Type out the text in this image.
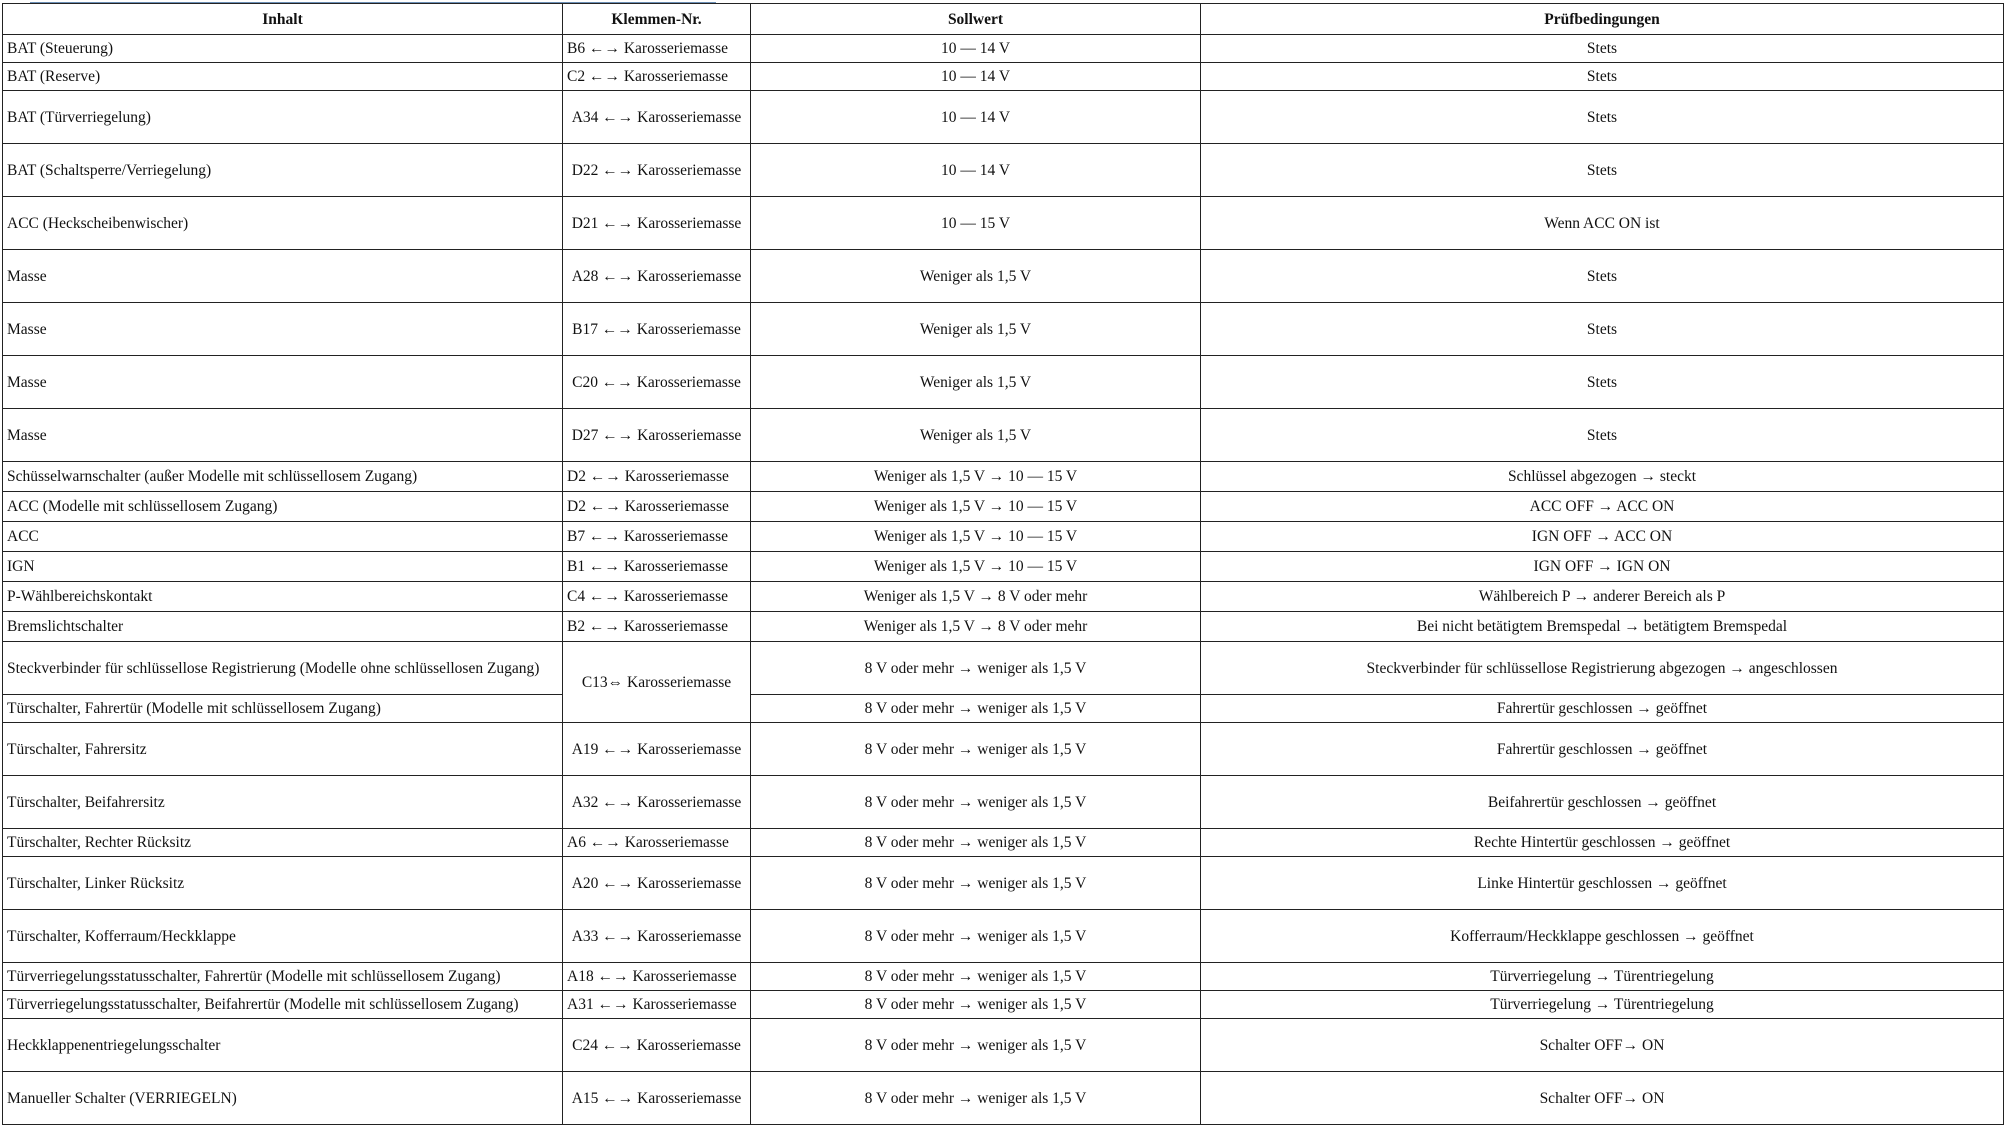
Inhalt	Klemmen-Nr.	Sollwert	Prüfbedingungen
BAT (Steuerung)	B6 ←→ Karosseriemasse	10 — 14 V	Stets
BAT (Reserve)	C2 ←→ Karosseriemasse	10 — 14 V	Stets
BAT (Türverriegelung)	A34 ←→ Karosseriemasse	10 — 14 V	Stets
BAT (Schaltsperre/Verriegelung)	D22 ←→ Karosseriemasse	10 — 14 V	Stets
ACC (Heckscheibenwischer)	D21 ←→ Karosseriemasse	10 — 15 V	Wenn ACC ON ist
Masse	A28 ←→ Karosseriemasse	Weniger als 1,5 V	Stets
Masse	B17 ←→ Karosseriemasse	Weniger als 1,5 V	Stets
Masse	C20 ←→ Karosseriemasse	Weniger als 1,5 V	Stets
Masse	D27 ←→ Karosseriemasse	Weniger als 1,5 V	Stets
Schüsselwarnschalter (außer Modelle mit schlüssellosem Zugang)	D2 ←→ Karosseriemasse	Weniger als 1,5 V → 10 — 15 V	Schlüssel abgezogen → steckt
ACC (Modelle mit schlüssellosem Zugang)	D2 ←→ Karosseriemasse	Weniger als 1,5 V → 10 — 15 V	ACC OFF → ACC ON
ACC	B7 ←→ Karosseriemasse	Weniger als 1,5 V → 10 — 15 V	IGN OFF → ACC ON
IGN	B1 ←→ Karosseriemasse	Weniger als 1,5 V → 10 — 15 V	IGN OFF → IGN ON
P-Wählbereichskontakt	C4 ←→ Karosseriemasse	Weniger als 1,5 V → 8 V oder mehr	Wählbereich P → anderer Bereich als P
Bremslichtschalter	B2 ←→ Karosseriemasse	Weniger als 1,5 V → 8 V oder mehr	Bei nicht betätigtem Bremspedal → betätigtem Bremspedal
Steckverbinder für schlüssellose Registrierung (Modelle ohne schlüssellosen Zugang)	C13⇔ Karosseriemasse	8 V oder mehr → weniger als 1,5 V	Steckverbinder für schlüssellose Registrierung abgezogen → angeschlossen
Türschalter, Fahrertür (Modelle mit schlüssellosem Zugang)		8 V oder mehr → weniger als 1,5 V	Fahrertür geschlossen → geöffnet
Türschalter, Fahrersitz	A19 ←→ Karosseriemasse	8 V oder mehr → weniger als 1,5 V	Fahrertür geschlossen → geöffnet
Türschalter, Beifahrersitz	A32 ←→ Karosseriemasse	8 V oder mehr → weniger als 1,5 V	Beifahrertür geschlossen → geöffnet
Türschalter, Rechter Rücksitz	A6 ←→ Karosseriemasse	8 V oder mehr → weniger als 1,5 V	Rechte Hintertür geschlossen → geöffnet
Türschalter, Linker Rücksitz	A20 ←→ Karosseriemasse	8 V oder mehr → weniger als 1,5 V	Linke Hintertür geschlossen → geöffnet
Türschalter, Kofferraum/Heckklappe	A33 ←→ Karosseriemasse	8 V oder mehr → weniger als 1,5 V	Kofferraum/Heckklappe geschlossen → geöffnet
Türverriegelungsstatusschalter, Fahrertür (Modelle mit schlüssellosem Zugang)	A18 ←→ Karosseriemasse	8 V oder mehr → weniger als 1,5 V	Türverriegelung → Türentriegelung
Türverriegelungsstatusschalter, Beifahrertür (Modelle mit schlüssellosem Zugang)	A31 ←→ Karosseriemasse	8 V oder mehr → weniger als 1,5 V	Türverriegelung → Türentriegelung
Heckklappenentriegelungsschalter	C24 ←→ Karosseriemasse	8 V oder mehr → weniger als 1,5 V	Schalter OFF→ ON
Manueller Schalter (VERRIEGELN)	A15 ←→ Karosseriemasse	8 V oder mehr → weniger als 1,5 V	Schalter OFF→ ON
